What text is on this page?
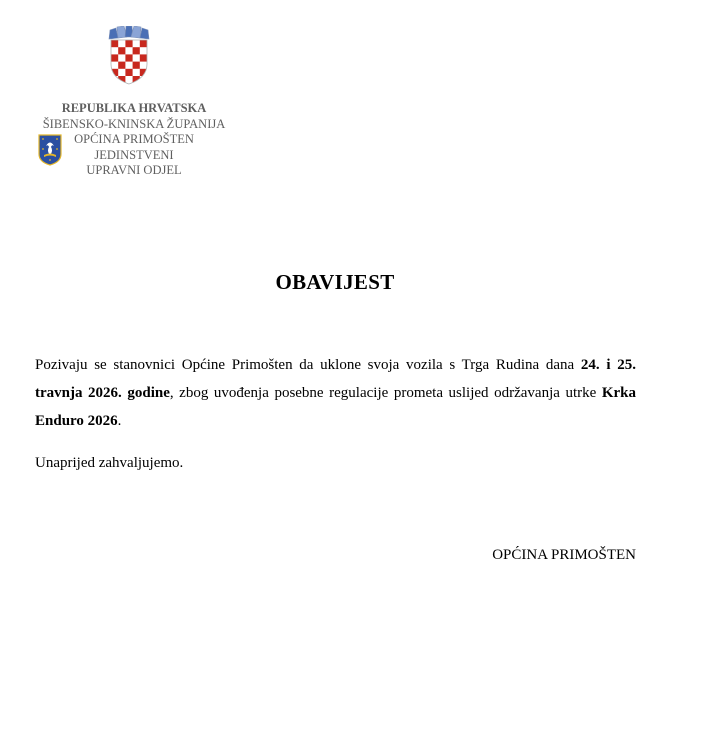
REPUBLIKA HRVATSKA
ŠIBENSKO-KNINSKA ŽUPANIJA
OPĆINA PRIMOŠTEN
JEDINSTVENI
UPRAVNI ODJEL
OBAVIJEST

Pozivaju se stanovnici Općine Primošten da uklone svoja vozila s Trga Rudina dana 24. i 25. travnja 2026. godine, zbog uvođenja posebne regulacije prometa uslijed održavanja utrke Krka Enduro 2026.

Unaprijed zahvaljujemo.
OPĆINA PRIMOŠTEN
